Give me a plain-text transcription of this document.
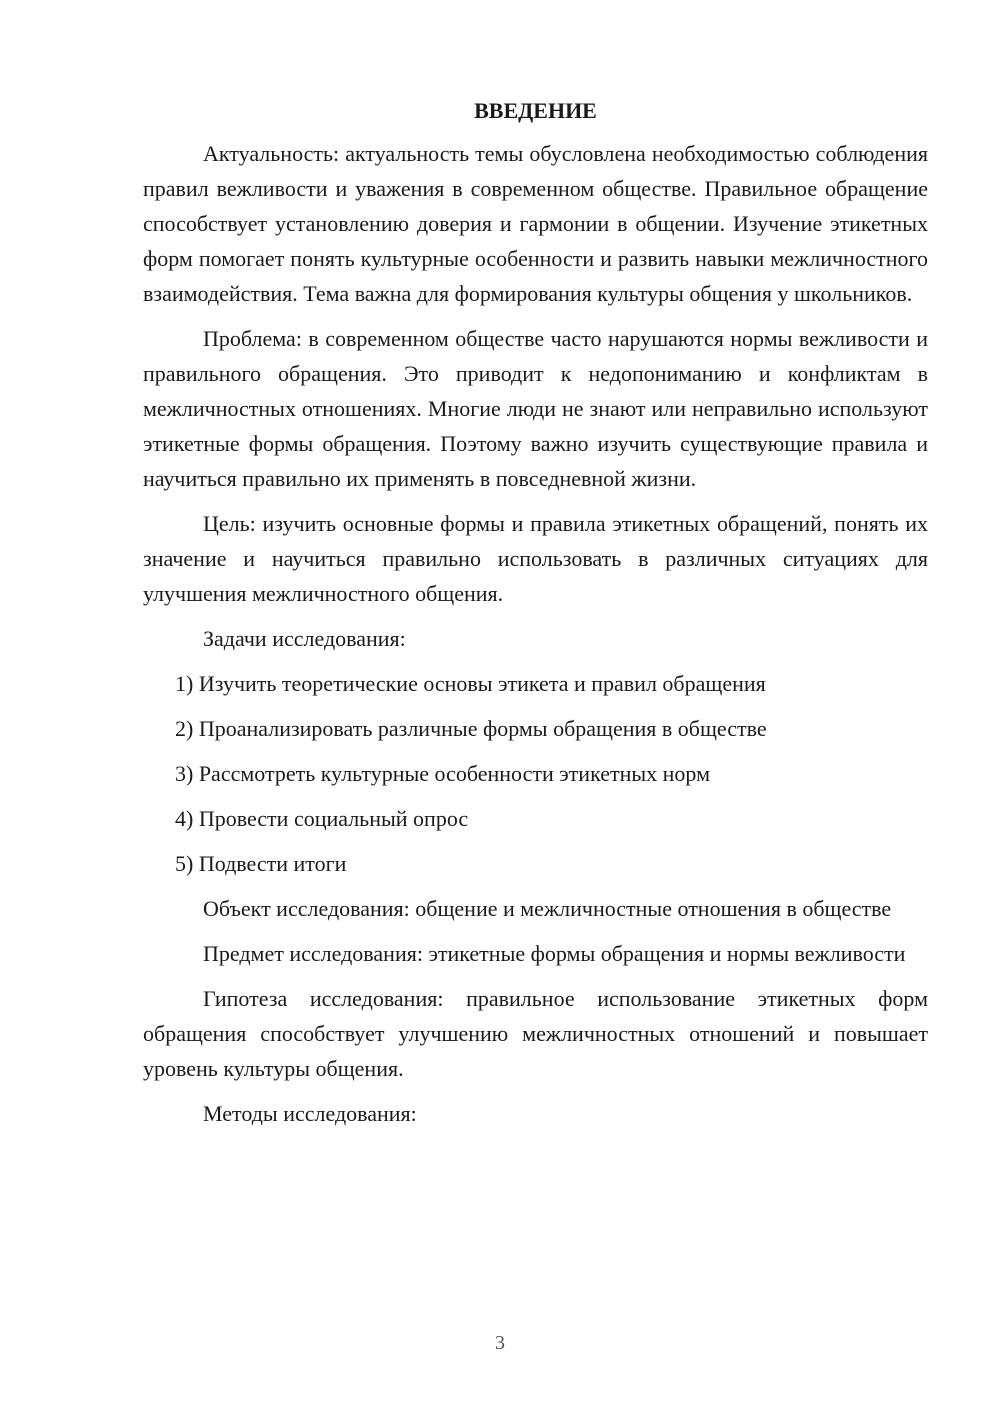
ВВЕДЕНИЕ

Актуальность: актуальность темы обусловлена необходимостью соблюдения правил вежливости и уважения в современном обществе. Правильное обращение способствует установлению доверия и гармонии в общении. Изучение этикетных форм помогает понять культурные особенности и развить навыки межличностного взаимодействия. Тема важна для формирования культуры общения у школьников.

Проблема: в современном обществе часто нарушаются нормы вежливости и правильного обращения. Это приводит к недопониманию и конфликтам в межличностных отношениях. Многие люди не знают или неправильно используют этикетные формы обращения. Поэтому важно изучить существующие правила и научиться правильно их применять в повседневной жизни.

Цель: изучить основные формы и правила этикетных обращений, понять их значение и научиться правильно использовать в различных ситуациях для улучшения межличностного общения.

Задачи исследования:

1) Изучить теоретические основы этикета и правил обращения
2) Проанализировать различные формы обращения в обществе
3) Рассмотреть культурные особенности этикетных норм
4) Провести социальный опрос
5) Подвести итоги

Объект исследования: общение и межличностные отношения в обществе

Предмет исследования: этикетные формы обращения и нормы вежливости

Гипотеза исследования: правильное использование этикетных форм обращения способствует улучшению межличностных отношений и повышает уровень культуры общения.

Методы исследования:

3
